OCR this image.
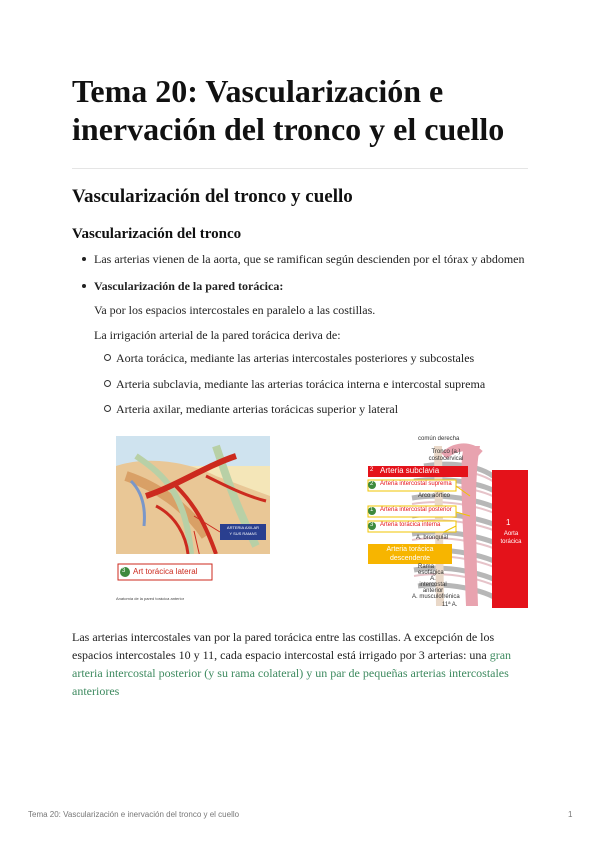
Tema 20: Vascularización e inervación del tronco y el cuello
Vascularización del tronco y cuello
Vascularización del tronco
Las arterias vienen de la aorta, que se ramifican según descienden por el tórax y abdomen
Vascularización de la pared torácica:
Va por los espacios intercostales en paralelo a las costillas.
La irrigación arterial de la pared torácica deriva de:
Aorta torácica, mediante las arterias intercostales posteriores y subcostales
Arteria subclavia, mediante las arterias torácica interna e intercostal suprema
Arteria axilar, mediante arterias torácicas superior y lateral
ARTERIA AXILAR
Y SUS RAMAS
3 Art torácica lateral
Anatomía de la pared torácica anterior
común derecha
Tronco (a.) costocervical
Arco aórtico
A. bronquial
Rama esofágica
A. intercostal anterior
A. musculofrénica
11ª A.
2 Arteria subclavia
2 Arteria intercostal suprema
1 Arteria intercostal posterior
3 Arteria torácica interna
Arteria torácica descendente
1
Aorta torácica
Las arterias intercostales van por la pared torácica entre las costillas. A excepción de los espacios intercostales 10 y 11, cada espacio intercostal está irrigado por 3 arterias: una gran arteria intercostal posterior (y su rama colateral) y un par de pequeñas arterias intercostales anteriores
Tema 20: Vascularización e inervación del tronco y el cuello	1
